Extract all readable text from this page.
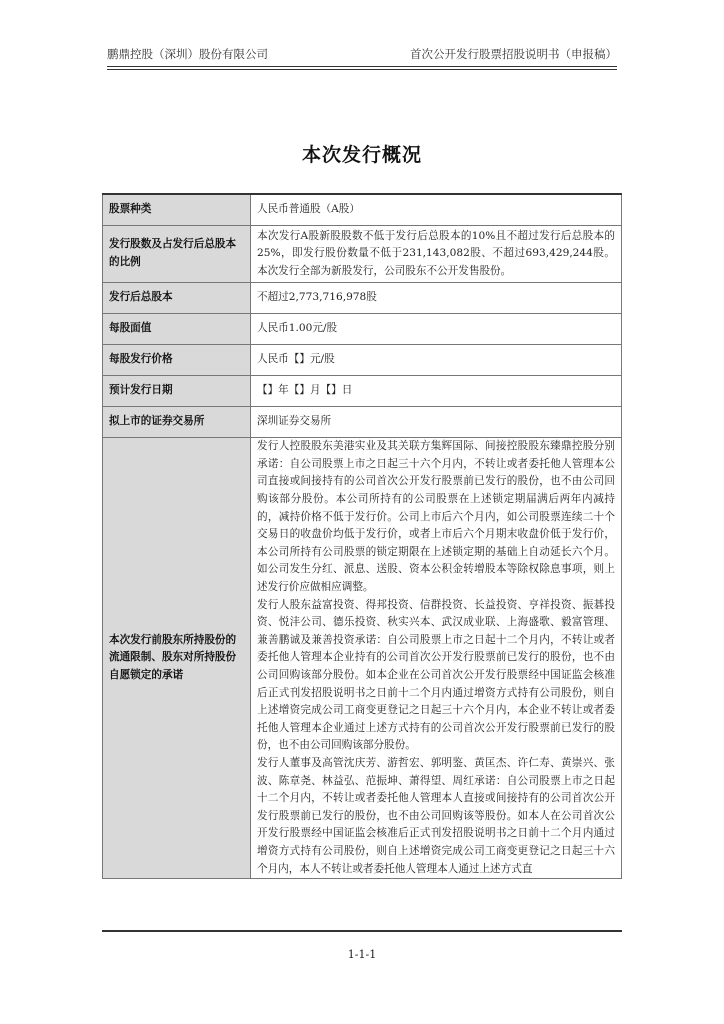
鹏鼎控股（深圳）股份有限公司	首次公开发行股票招股说明书（申报稿）
本次发行概况
股票种类	人民币普通股（A股）
发行股数及占发行后总股本的比例	本次发行A股新股股数不低于发行后总股本的10%且不超过发行后总股本的25%，即发行股份数量不低于231,143,082股、不超过693,429,244股。本次发行全部为新股发行，公司股东不公开发售股份。
发行后总股本	不超过2,773,716,978股
每股面值	人民币1.00元/股
每股发行价格	人民币【】元/股
预计发行日期	【】年【】月【】日
拟上市的证券交易所	深圳证券交易所
本次发行前股东所持股份的流通限制、股东对所持股份自愿锁定的承诺	发行人控股股东美港实业及其关联方集辉国际、间接控股股东臻鼎控股分别承诺：自公司股票上市之日起三十六个月内，不转让或者委托他人管理本公司直接或间接持有的公司首次公开发行股票前已发行的股份，也不由公司回购该部分股份。本公司所持有的公司股票在上述锁定期届满后两年内减持的，减持价格不低于发行价。公司上市后六个月内，如公司股票连续二十个交易日的收盘价均低于发行价，或者上市后六个月期末收盘价低于发行价，本公司所持有公司股票的锁定期限在上述锁定期的基础上自动延长六个月。如公司发生分红、派息、送股、资本公积金转增股本等除权除息事项，则上述发行价应做相应调整。
发行人股东益富投资、得邦投资、信群投资、长益投资、亨祥投资、振碁投资、悦沣公司、德乐投资、秋实兴本、武汉成业联、上海盛歌、毅富管理、兼善鹏诚及兼善投资承诺：自公司股票上市之日起十二个月内，不转让或者委托他人管理本企业持有的公司首次公开发行股票前已发行的股份，也不由公司回购该部分股份。如本企业在公司首次公开发行股票经中国证监会核准后正式刊发招股说明书之日前十二个月内通过增资方式持有公司股份，则自上述增资完成公司工商变更登记之日起三十六个月内，本企业不转让或者委托他人管理本企业通过上述方式持有的公司首次公开发行股票前已发行的股份，也不由公司回购该部分股份。
发行人董事及高管沈庆芳、游哲宏、郭明鉴、黄匡杰、许仁寿、黄崇兴、张波、陈章尧、林益弘、范振坤、萧得望、周红承诺：自公司股票上市之日起十二个月内，不转让或者委托他人管理本人直接或间接持有的公司首次公开发行股票前已发行的股份，也不由公司回购该等股份。如本人在公司首次公开发行股票经中国证监会核准后正式刊发招股说明书之日前十二个月内通过增资方式持有公司股份，则自上述增资完成公司工商变更登记之日起三十六个月内，本人不转让或者委托他人管理本人通过上述方式直
1-1-1
